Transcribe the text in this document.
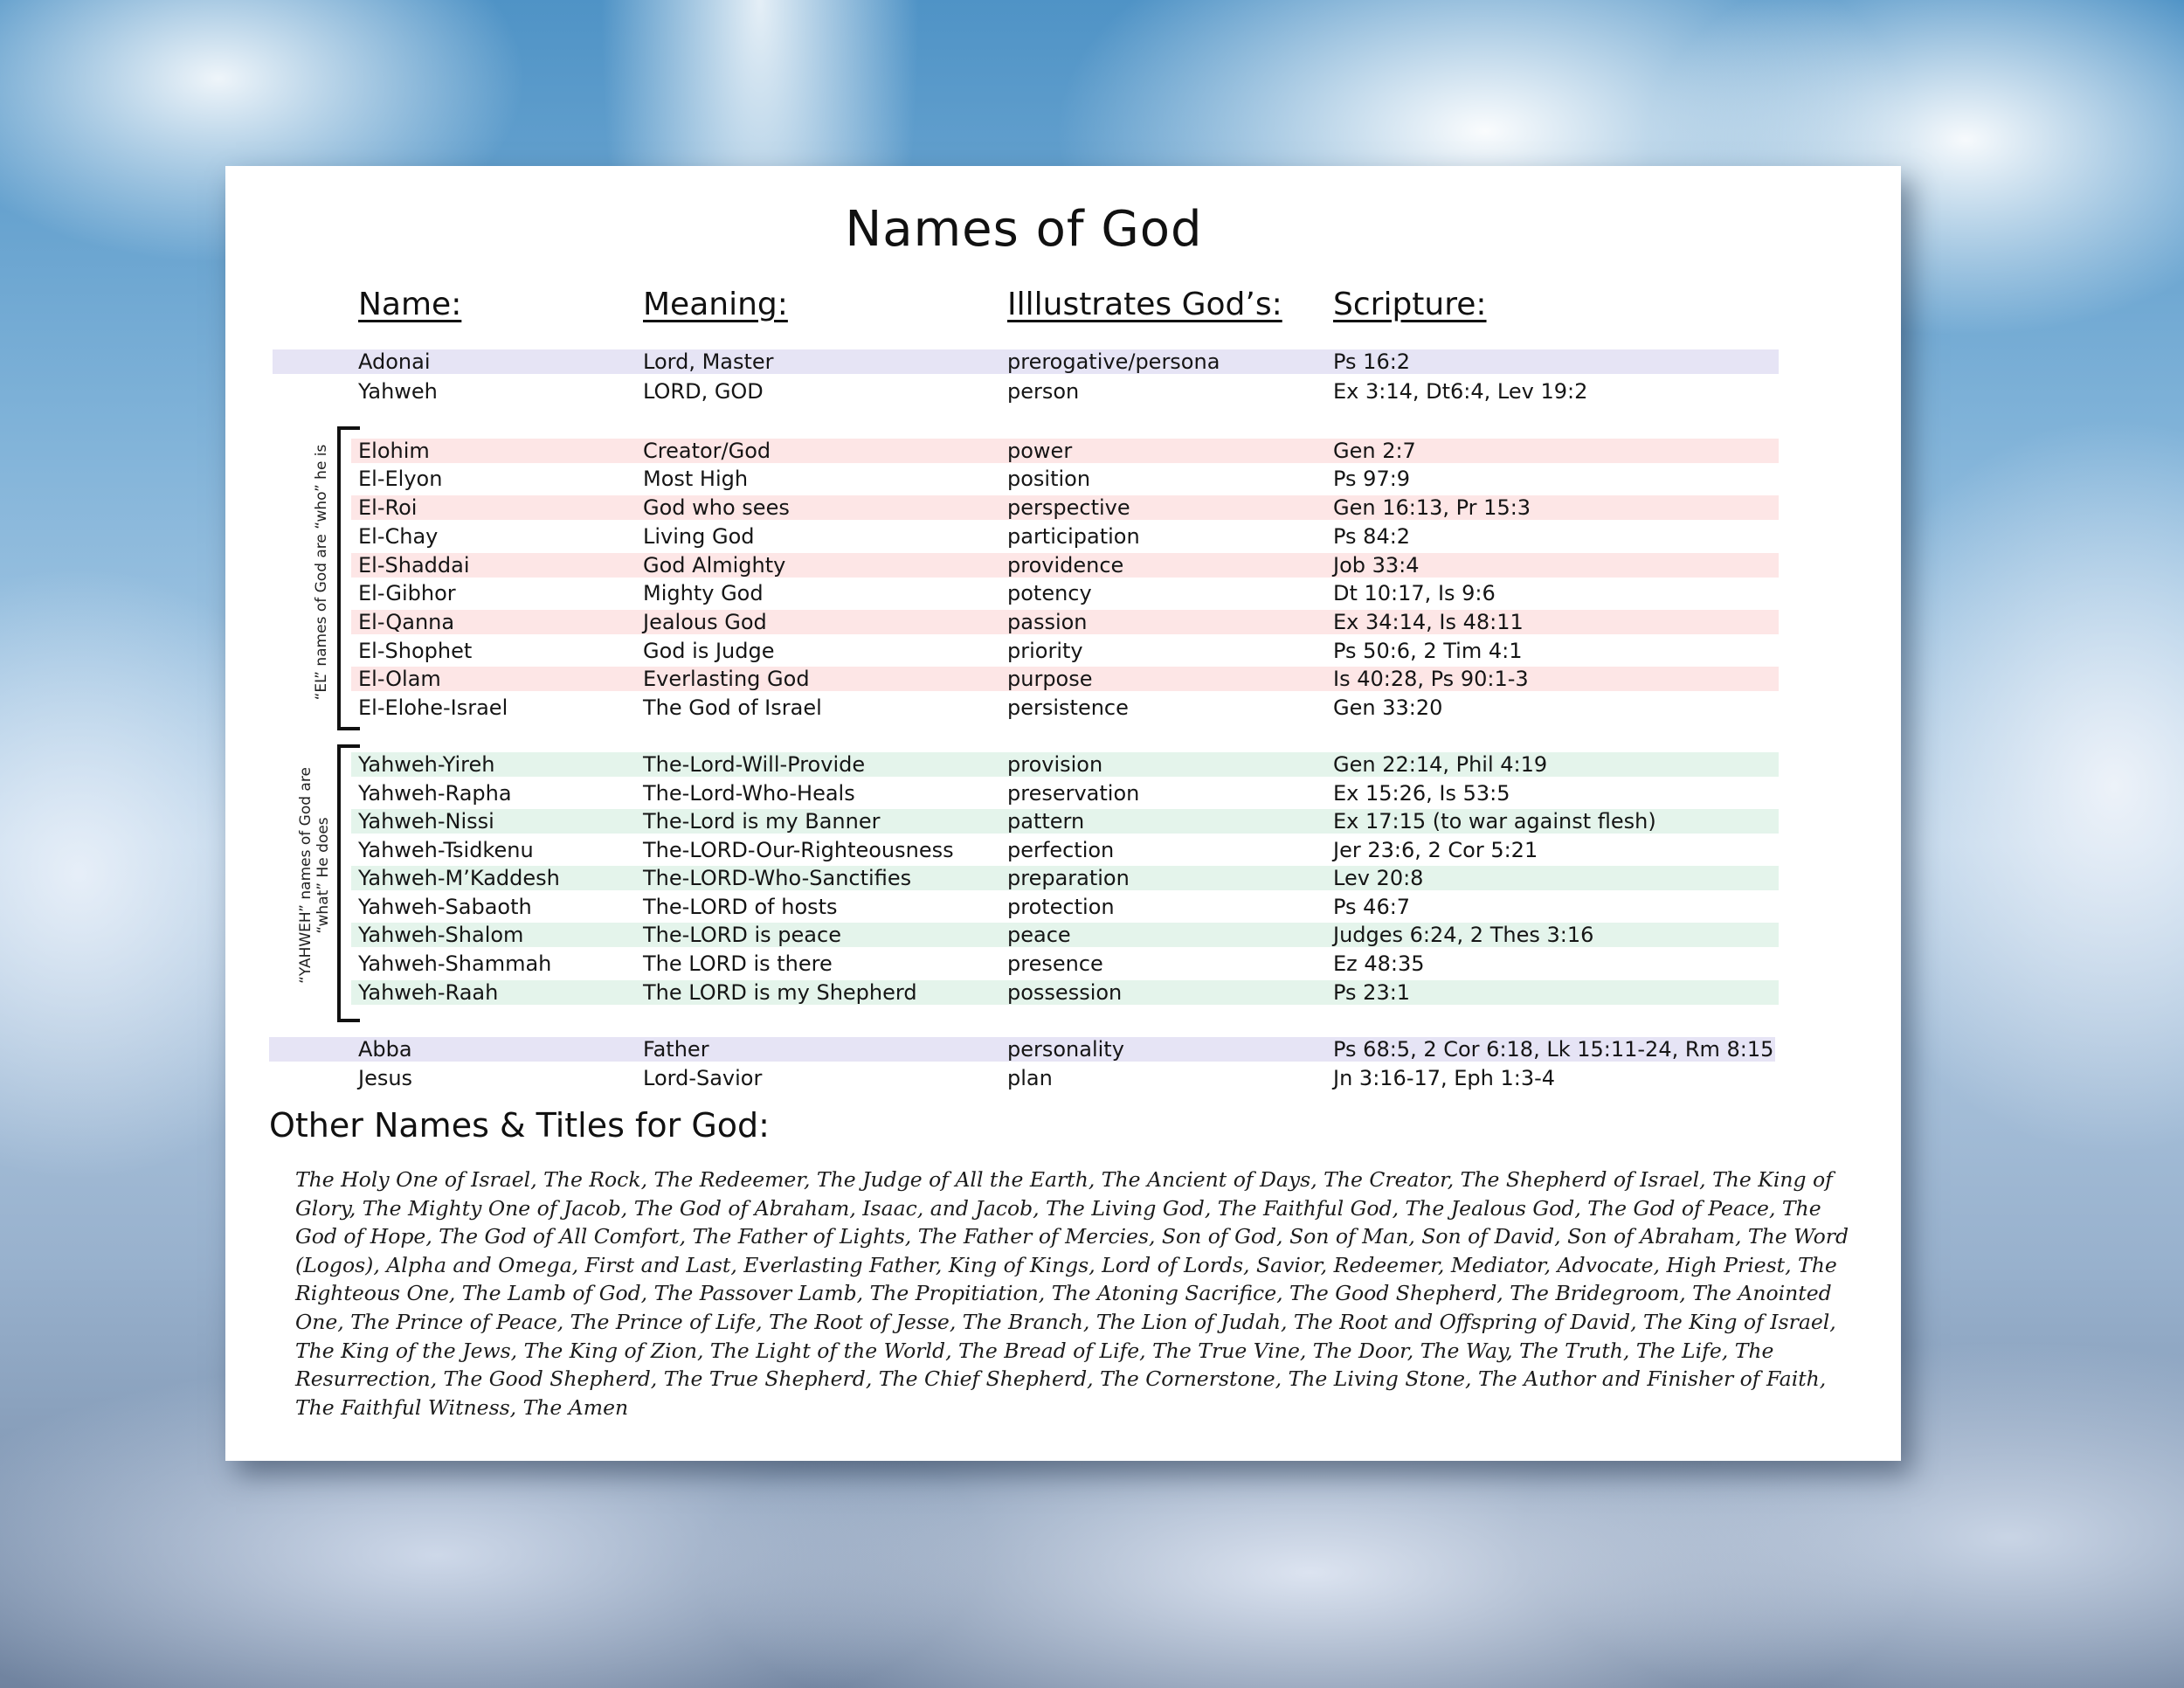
Names of God
Name:	Meaning:	Illlustrates God’s: Scripture:
“EL” names of God are “who” he is
“YAHWEH” names of God are “what” He does
Adonai	Lord, Master	prerogative/persona	Ps 16:2
Yahweh	LORD, GOD	person	Ex 3:14, Dt6:4, Lev 19:2
Elohim	Creator/God	power	Gen 2:7
El-Elyon	Most High	position	Ps 97:9
El-Roi	God who sees	perspective	Gen 16:13, Pr 15:3
El-Chay	Living God	participation	Ps 84:2
El-Shaddai	God Almighty	providence	Job 33:4
El-Gibhor	Mighty God	potency	Dt 10:17, Is 9:6
El-Qanna	Jealous God	passion	Ex 34:14, Is 48:11
El-Shophet	God is Judge	priority	Ps 50:6, 2 Tim 4:1
El-Olam	Everlasting God	purpose	Is 40:28, Ps 90:1-3
El-Elohe-Israel	The God of Israel	persistence	Gen 33:20
Yahweh-Yireh	The-Lord-Will-Provide	provision	Gen 22:14, Phil 4:19
Yahweh-Rapha	The-Lord-Who-Heals	preservation	Ex 15:26, Is 53:5
Yahweh-Nissi	The-Lord is my Banner	pattern	Ex 17:15 (to war against flesh)
Yahweh-Tsidkenu	The-LORD-Our-Righteousness	perfection	Jer 23:6, 2 Cor 5:21
Yahweh-M’Kaddesh	The-LORD-Who-Sanctifies	preparation	Lev 20:8
Yahweh-Sabaoth	The-LORD of hosts	protection	Ps 46:7
Yahweh-Shalom	The-LORD is peace	peace	Judges 6:24, 2 Thes 3:16
Yahweh-Shammah	The LORD is there	presence	Ez 48:35
Yahweh-Raah	The LORD is my Shepherd	possession	Ps 23:1
Abba	Father	personality	Ps 68:5, 2 Cor 6:18, Lk 15:11-24, Rm 8:15
Jesus	Lord-Savior	plan	Jn 3:16-17, Eph 1:3-4
Other Names & Titles for God:

The Holy One of Israel, The Rock, The Redeemer, The Judge of All the Earth, The Ancient of Days, The Creator, The Shepherd of Israel, The King of Glory, The Mighty One of Jacob, The God of Abraham, Isaac, and Jacob, The Living God, The Faithful God, The Jealous God, The God of Peace, The God of Hope, The God of All Comfort, The Father of Lights, The Father of Mercies, Son of God, Son of Man, Son of David, Son of Abraham, The Word (Logos), Alpha and Omega, First and Last, Everlasting Father, King of Kings, Lord of Lords, Savior, Redeemer, Mediator, Advocate, High Priest, The Righteous One, The Lamb of God, The Passover Lamb, The Propitiation, The Atoning Sacrifice, The Good Shepherd, The Bridegroom, The Anointed One, The Prince of Peace, The Prince of Life, The Root of Jesse, The Branch, The Lion of Judah, The Root and Offspring of David, The King of Israel, The King of the Jews, The King of Zion, The Light of the World, The Bread of Life, The True Vine, The Door, The Way, The Truth, The Life, The Resurrection, The Good Shepherd, The True Shepherd, The Chief Shepherd, The Cornerstone, The Living Stone, The Author and Finisher of Faith, The Faithful Witness, The Amen
